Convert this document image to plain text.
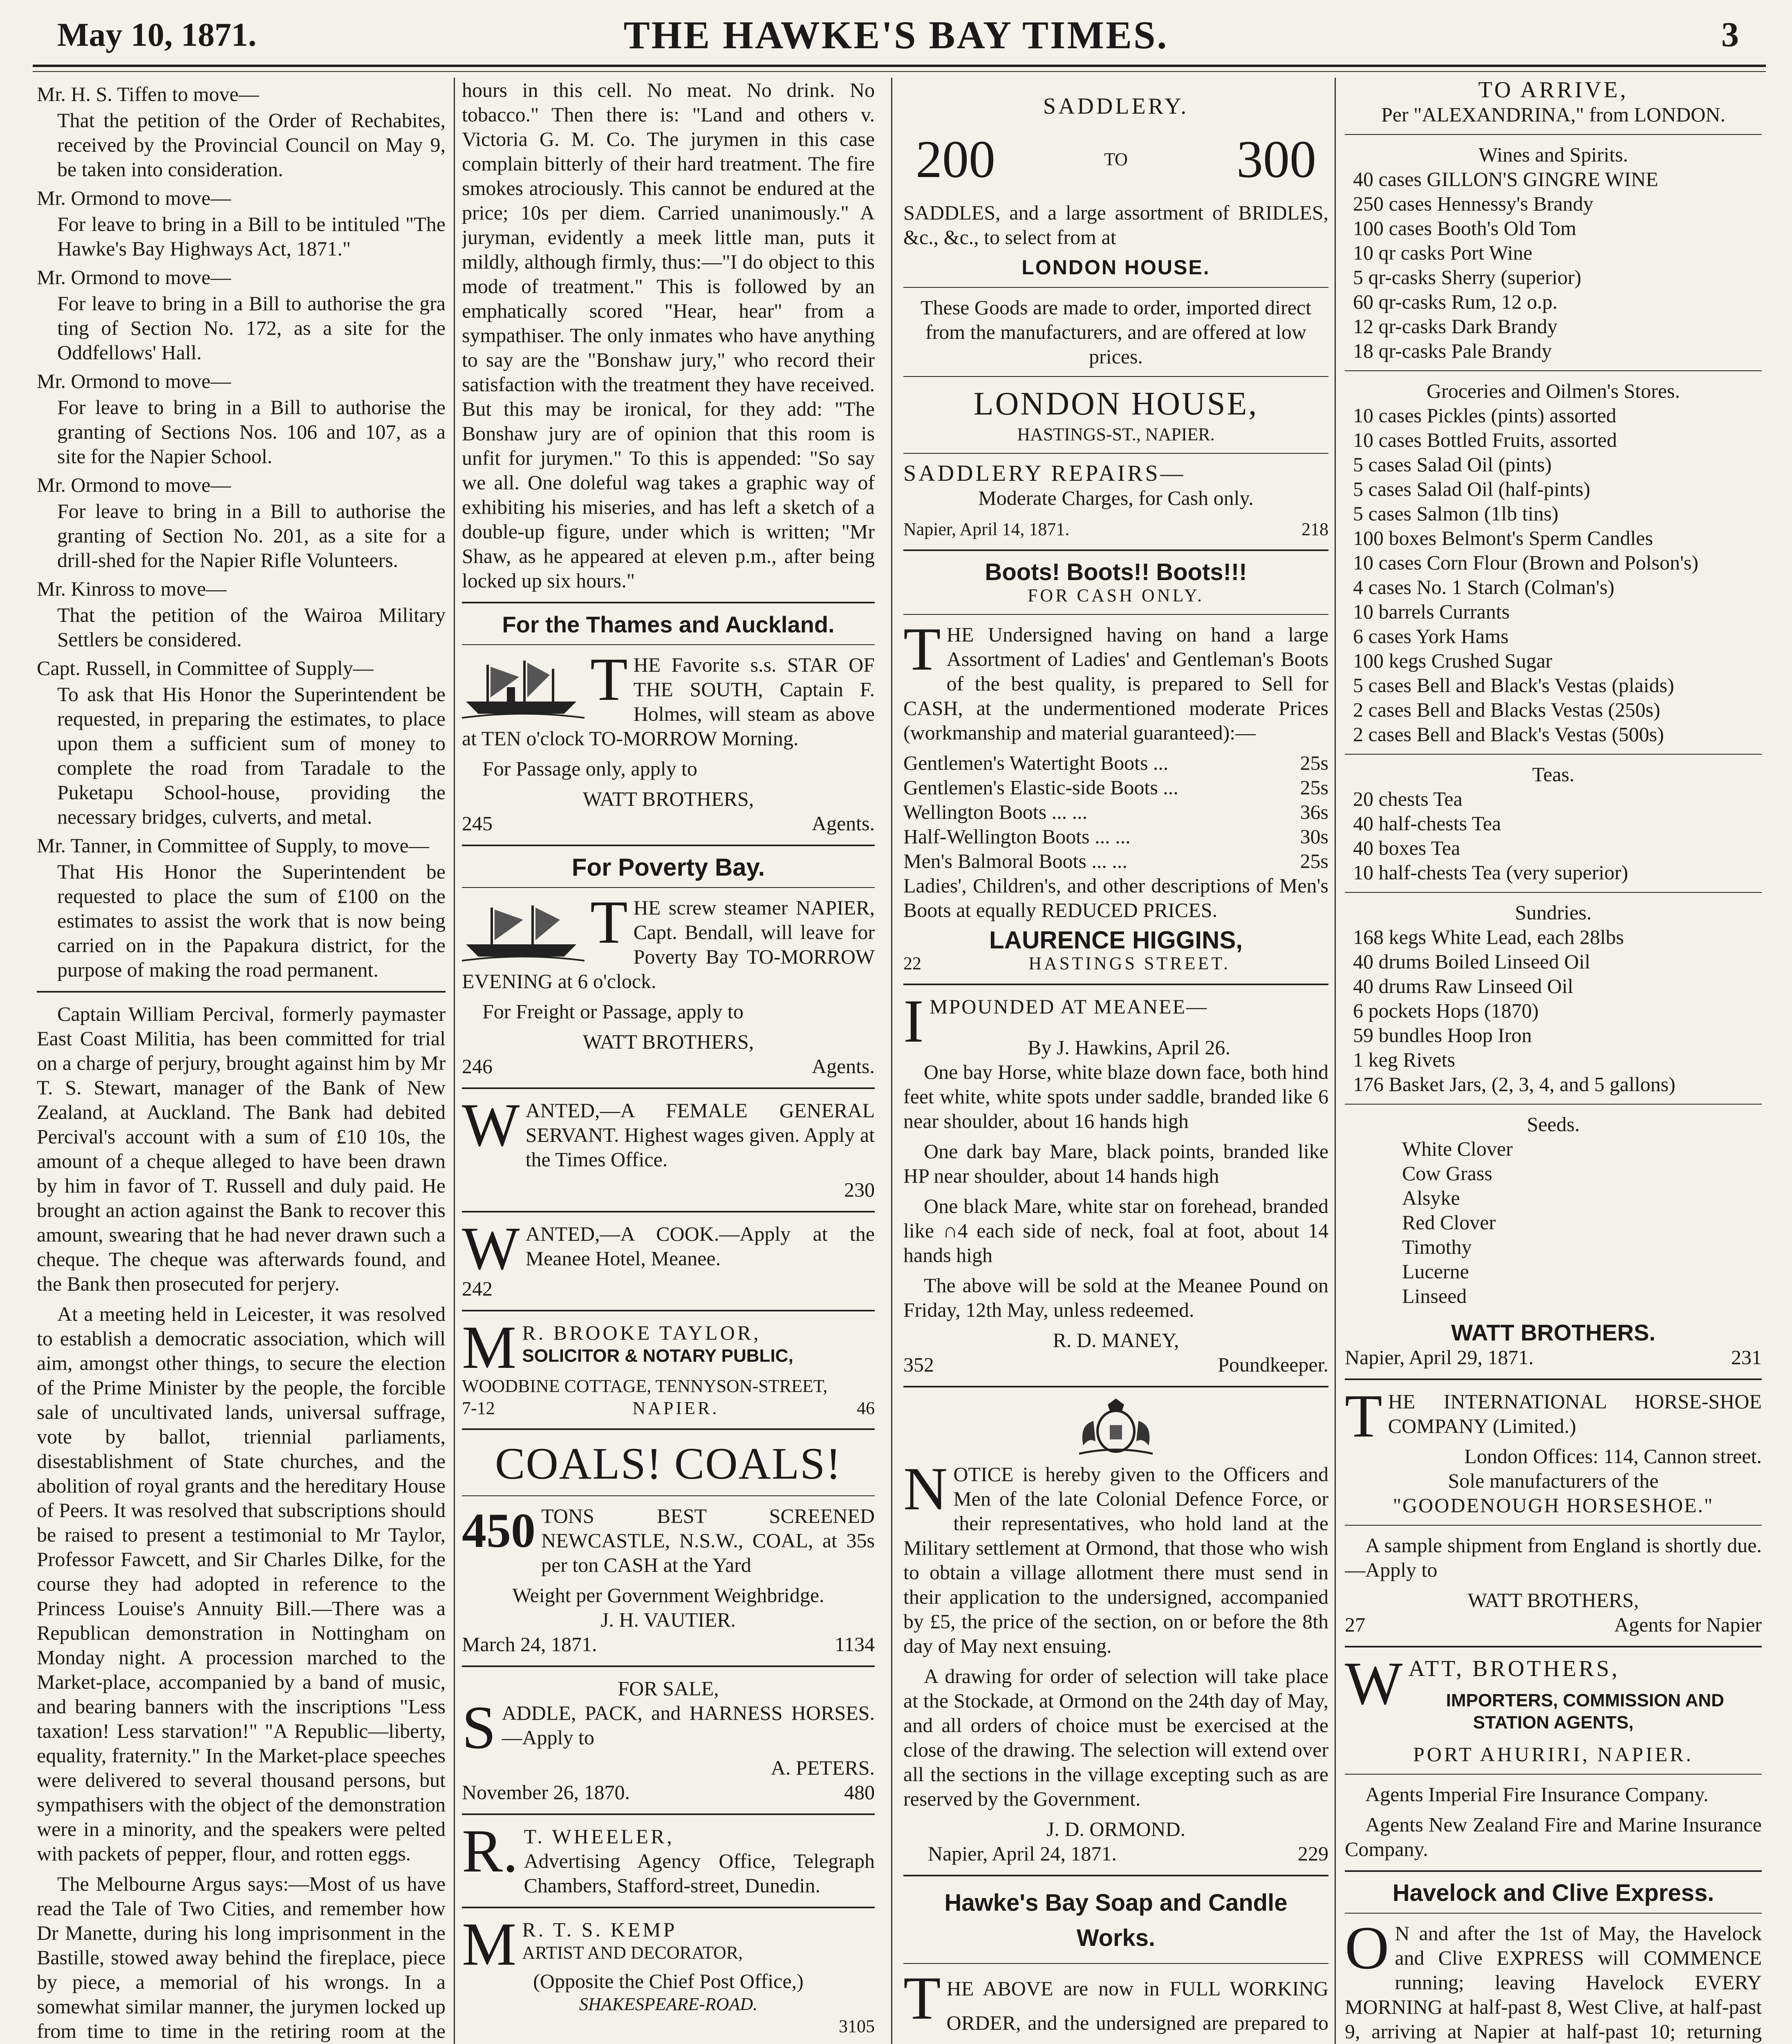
May 10, 1871.	THE HAWKE'S BAY TIMES.	3
Mr. H. S. Tiffen to move—

That the petition of the Order of Rechabites, received by the Provincial Council on May 9, be taken into consideration.

Mr. Ormond to move—

For leave to bring in a Bill to be intituled "The Hawke's Bay Highways Act, 1871."

Mr. Ormond to move—

For leave to bring in a Bill to authorise the gra ting of Section No. 172, as a site for the Oddfellows' Hall.

Mr. Ormond to move—

For leave to bring in a Bill to authorise the granting of Sections Nos. 106 and 107, as a site for the Napier School.

Mr. Ormond to move—

For leave to bring in a Bill to authorise the granting of Section No. 201, as a site for a drill-shed for the Napier Rifle Volunteers.

Mr. Kinross to move—

That the petition of the Wairoa Military Settlers be considered.

Capt. Russell, in Committee of Supply—

To ask that His Honor the Superintendent be requested, in preparing the estimates, to place upon them a sufficient sum of money to complete the road from Taradale to the Puketapu School-house, providing the necessary bridges, culverts, and metal.

Mr. Tanner, in Committee of Supply, to move—

That His Honor the Superintendent be requested to place the sum of £100 on the estimates to assist the work that is now being carried on in the Papakura district, for the purpose of making the road permanent.

Captain William Percival, formerly paymaster East Coast Militia, has been committed for trial on a charge of perjury, brought against him by Mr T. S. Stewart, manager of the Bank of New Zealand, at Auckland. The Bank had debited Percival's account with a sum of £10 10s, the amount of a cheque alleged to have been drawn by him in favor of T. Russell and duly paid. He brought an action against the Bank to recover this amount, swearing that he had never drawn such a cheque. The cheque was afterwards found, and the Bank then prosecuted for perjery.

At a meeting held in Leicester, it was resolved to establish a democratic association, which will aim, amongst other things, to secure the election of the Prime Minister by the people, the forcible sale of uncultivated lands, universal suffrage, vote by ballot, triennial parliaments, disestablishment of State churches, and the abolition of royal grants and the hereditary House of Peers. It was resolved that subscriptions should be raised to present a testimonial to Mr Taylor, Professor Fawcett, and Sir Charles Dilke, for the course they had adopted in reference to the Princess Louise's Annuity Bill.—There was a Republican demonstration in Nottingham on Monday night. A procession marched to the Market-place, accompanied by a band of music, and bearing banners with the inscriptions "Less taxation! Less starvation!" "A Republic—liberty, equality, fraternity." In the Market-place speeches were delivered to several thousand persons, but sympathisers with the object of the demonstration were in a minority, and the speakers were pelted with packets of pepper, flour, and rotten eggs.

The Melbourne Argus says:—Most of us have read the Tale of Two Cities, and remember how Dr Manette, during his long imprisonment in the Bastille, stowed away behind the fireplace, piece by piece, a memorial of his wrongs. In a somewhat similar manner, the jurymen locked up from time to time in the retiring room at the

hours in this cell. No meat. No drink. No tobacco." Then there is: "Land and others v. Victoria G. M. Co. The jurymen in this case complain bitterly of their hard treatment. The fire smokes atrociously. This cannot be endured at the price; 10s per diem. Carried unanimously." A juryman, evidently a meek little man, puts it mildly, although firmly, thus:—"I do object to this mode of treatment." This is followed by an emphatically scored "Hear, hear" from a sympathiser. The only inmates who have anything to say are the "Bonshaw jury," who record their satisfaction with the treatment they have received. But this may be ironical, for they add: "The Bonshaw jury are of opinion that this room is unfit for jurymen." To this is appended: "So say we all. One doleful wag takes a graphic way of exhibiting his miseries, and has left a sketch of a double-up figure, under which is written; "Mr Shaw, as he appeared at eleven p.m., after being locked up six hours."

For the Thames and Auckland.

THE Favorite s.s. STAR OF THE SOUTH, Captain F. Holmes, will steam as above at TEN o'clock TO-MORROW Morning.

For Passage only, apply to

WATT BROTHERS,
245	Agents.
For Poverty Bay.

THE screw steamer NAPIER, Capt. Bendall, will leave for Poverty Bay TO-MORROW EVENING at 6 o'clock.

For Freight or Passage, apply to

WATT BROTHERS,
246	Agents.

WANTED,—A FEMALE GENERAL SERVANT. Highest wages given. Apply at the Times Office.

230

WANTED,—A COOK.—Apply at the Meanee Hotel, Meanee.

242
M R. BROOKE TAYLOR,
SOLICITOR & NOTARY PUBLIC,
WOODBINE COTTAGE, TENNYSON-STREET,
7-12	NAPIER.	46
COALS! COALS!

450 TONS BEST SCREENED NEWCASTLE, N.S.W., COAL, at 35s per ton CASH at the Yard

Weight per Government Weighbridge.
J. H. VAUTIER.
March 24, 1871.	1134
FOR SALE,

SADDLE, PACK, and HARNESS HORSES.—Apply to

A. PETERS.
November 26, 1870.	480
R. T. WHEELER,

Advertising Agency Office, Telegraph Chambers, Stafford-street, Dunedin.

M R. T. S. KEMP
ARTIST AND DECORATOR,
(Opposite the Chief Post Office,)
SHAKESPEARE-ROAD.
3105

SADDLERY.
200	TO 300

SADDLES, and a large assortment of BRIDLES, &c., &c., to select from at

LONDON HOUSE.

These Goods are made to order, imported direct from the manufacturers, and are offered at low prices.

LONDON HOUSE,
HASTINGS-ST., NAPIER.
SADDLERY REPAIRS—
Moderate Charges, for Cash only.
Napier, April 14, 1871.	218
Boots! Boots!! Boots!!!
FOR CASH ONLY.

THE Undersigned having on hand a large Assortment of Ladies' and Gentleman's Boots of the best quality, is prepared to Sell for CASH, at the undermentioned moderate Prices (workmanship and material guaranteed):—

Gentlemen's Watertight Boots ...	25s
Gentlemen's Elastic-side Boots ...	25s
Wellington Boots ... ...	36s
Half-Wellington Boots ... ...	30s
Men's Balmoral Boots ... ...	25s

Ladies', Children's, and other descriptions of Men's Boots at equally REDUCED PRICES.

LAURENCE HIGGINS,
22	HASTINGS STREET.
IMPOUNDED AT MEANEE—
By J. Hawkins, April 26.

One bay Horse, white blaze down face, both hind feet white, white spots under saddle, branded like 6 near shoulder, about 16 hands high

One dark bay Mare, black points, branded like HP near shoulder, about 14 hands high

One black Mare, white star on forehead, branded like ∩4 each side of neck, foal at foot, about 14 hands high

The above will be sold at the Meanee Pound on Friday, 12th May, unless redeemed.

R. D. MANEY,
352	Poundkeeper.

NOTICE is hereby given to the Officers and Men of the late Colonial Defence Force, or their representatives, who hold land at the Military settlement at Ormond, that those who wish to obtain a village allotment there must send in their application to the undersigned, accompanied by £5, the price of the section, on or before the 8th day of May next ensuing.

A drawing for order of selection will take place at the Stockade, at Ormond on the 24th day of May, and all orders of choice must be exercised at the close of the drawing. The selection will extend over all the sections in the village excepting such as are reserved by the Government.

J. D. ORMOND.
Napier, April 24, 1871.	229
Hawke's Bay Soap and Candle Works.

THE ABOVE are now in FULL WORKING ORDER, and the undersigned are prepared to

TO ARRIVE,
Per "ALEXANDRINA," from LONDON.
Wines and Spirits.
40 cases GILLON'S GINGRE WINE
250 cases Hennessy's Brandy
100 cases Booth's Old Tom
10 qr casks Port Wine
5 qr-casks Sherry (superior)
60 qr-casks Rum, 12 o.p.
12 qr-casks Dark Brandy
18 qr-casks Pale Brandy
Groceries and Oilmen's Stores.
10 cases Pickles (pints) assorted
10 cases Bottled Fruits, assorted
5 cases Salad Oil (pints)
5 cases Salad Oil (half-pints)
5 cases Salmon (1lb tins)
100 boxes Belmont's Sperm Candles
10 cases Corn Flour (Brown and Polson's)
4 cases No. 1 Starch (Colman's)
10 barrels Currants
6 cases York Hams
100 kegs Crushed Sugar
5 cases Bell and Black's Vestas (plaids)
2 cases Bell and Blacks Vestas (250s)
2 cases Bell and Black's Vestas (500s)
Teas.
20 chests Tea
40 half-chests Tea
40 boxes Tea
10 half-chests Tea (very superior)
Sundries.
168 kegs White Lead, each 28lbs
40 drums Boiled Linseed Oil
40 drums Raw Linseed Oil
6 pockets Hops (1870)
59 bundles Hoop Iron
1 keg Rivets
176 Basket Jars, (2, 3, 4, and 5 gallons)
Seeds.
White Clover
Cow Grass
Alsyke
Red Clover
Timothy
Lucerne
Linseed
WATT BROTHERS.
Napier, April 29, 1871.	231

THE INTERNATIONAL HORSE-SHOE COMPANY (Limited.)

London Offices: 114, Cannon street.
Sole manufacturers of the
"GOODENOUGH HORSESHOE."

A sample shipment from England is shortly due.—Apply to

WATT BROTHERS,
27	Agents for Napier
WATT, BROTHERS,
IMPORTERS, COMMISSION AND STATION AGENTS,
PORT AHURIRI, NAPIER.

Agents Imperial Fire Insurance Company.

Agents New Zealand Fire and Marine Insurance Company.

Havelock and Clive Express.

O N and after the 1st of May, the Havelock and Clive EXPRESS will COMMENCE running; leaving Havelock EVERY MORNING at half-past 8, West Clive, at half-past 9, arriving at Napier at half-past 10; returning
